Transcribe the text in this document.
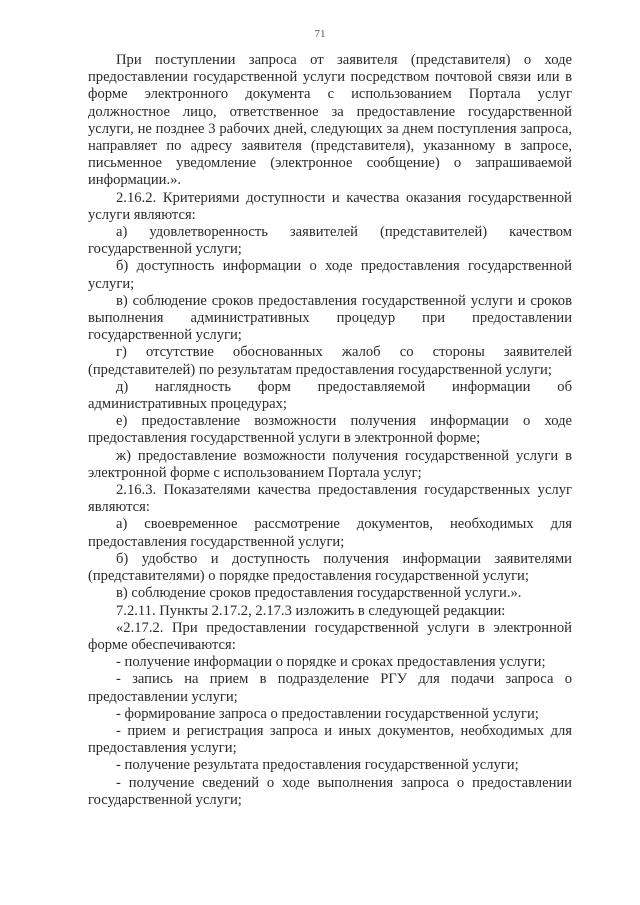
71

При поступлении запроса от заявителя (представителя) о ходе предоставлении государственной услуги посредством почтовой связи или в форме электронного документа с использованием Портала услуг должностное лицо, ответственное за предоставление государственной услуги, не позднее 3 рабочих дней, следующих за днем поступления запроса, направляет по адресу заявителя (представителя), указанному в запросе, письменное уведомление (электронное сообщение) о запрашиваемой информации.».

2.16.2. Критериями доступности и качества оказания государственной услуги являются:

а) удовлетворенность заявителей (представителей) качеством государственной услуги;

б) доступность информации о ходе предоставления государственной услуги;

в) соблюдение сроков предоставления государственной услуги и сроков выполнения административных процедур при предоставлении государственной услуги;

г) отсутствие обоснованных жалоб со стороны заявителей (представителей) по результатам предоставления государственной услуги;

д) наглядность форм предоставляемой информации об административных процедурах;

е) предоставление возможности получения информации о ходе предоставления государственной услуги в электронной форме;

ж) предоставление возможности получения государственной услуги в электронной форме с использованием Портала услуг;

2.16.3. Показателями качества предоставления государственных услуг являются:

а) своевременное рассмотрение документов, необходимых для предоставления государственной услуги;

б) удобство и доступность получения информации заявителями (представителями) о порядке предоставления государственной услуги;

в) соблюдение сроков предоставления государственной услуги.».

7.2.11. Пункты 2.17.2, 2.17.3 изложить в следующей редакции:

«2.17.2. При предоставлении государственной услуги в электронной форме обеспечиваются:

- получение информации о порядке и сроках предоставления услуги;

- запись на прием в подразделение РГУ для подачи запроса о предоставлении услуги;

- формирование запроса о предоставлении государственной услуги;

- прием и регистрация запроса и иных документов, необходимых для предоставления услуги;

- получение результата предоставления государственной услуги;

- получение сведений о ходе выполнения запроса о предоставлении государственной услуги;
